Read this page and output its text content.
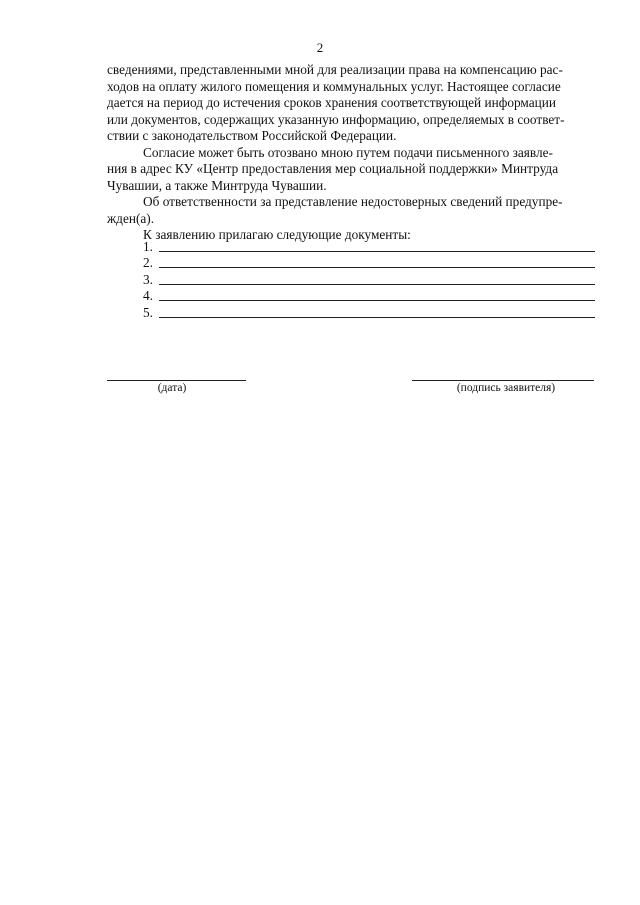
2

сведениями, представленными мной для реализации права на компенсацию рас-
ходов на оплату жилого помещения и коммунальных услуг. Настоящее согласие
дается на период до истечения сроков хранения соответствующей информации
или документов, содержащих указанную информацию, определяемых в соответ-
ствии с законодательством Российской Федерации.

Согласие может быть отозвано мною путем подачи письменного заявле-
ния в адрес КУ «Центр предоставления мер социальной поддержки» Минтруда
Чувашии, а также Минтруда Чувашии.

Об ответственности за представление недостоверных сведений предупре-
жден(а).

К заявлению прилагаю следующие документы:

1.
2.
3.
4.
5.
(дата)	(подпись заявителя)
